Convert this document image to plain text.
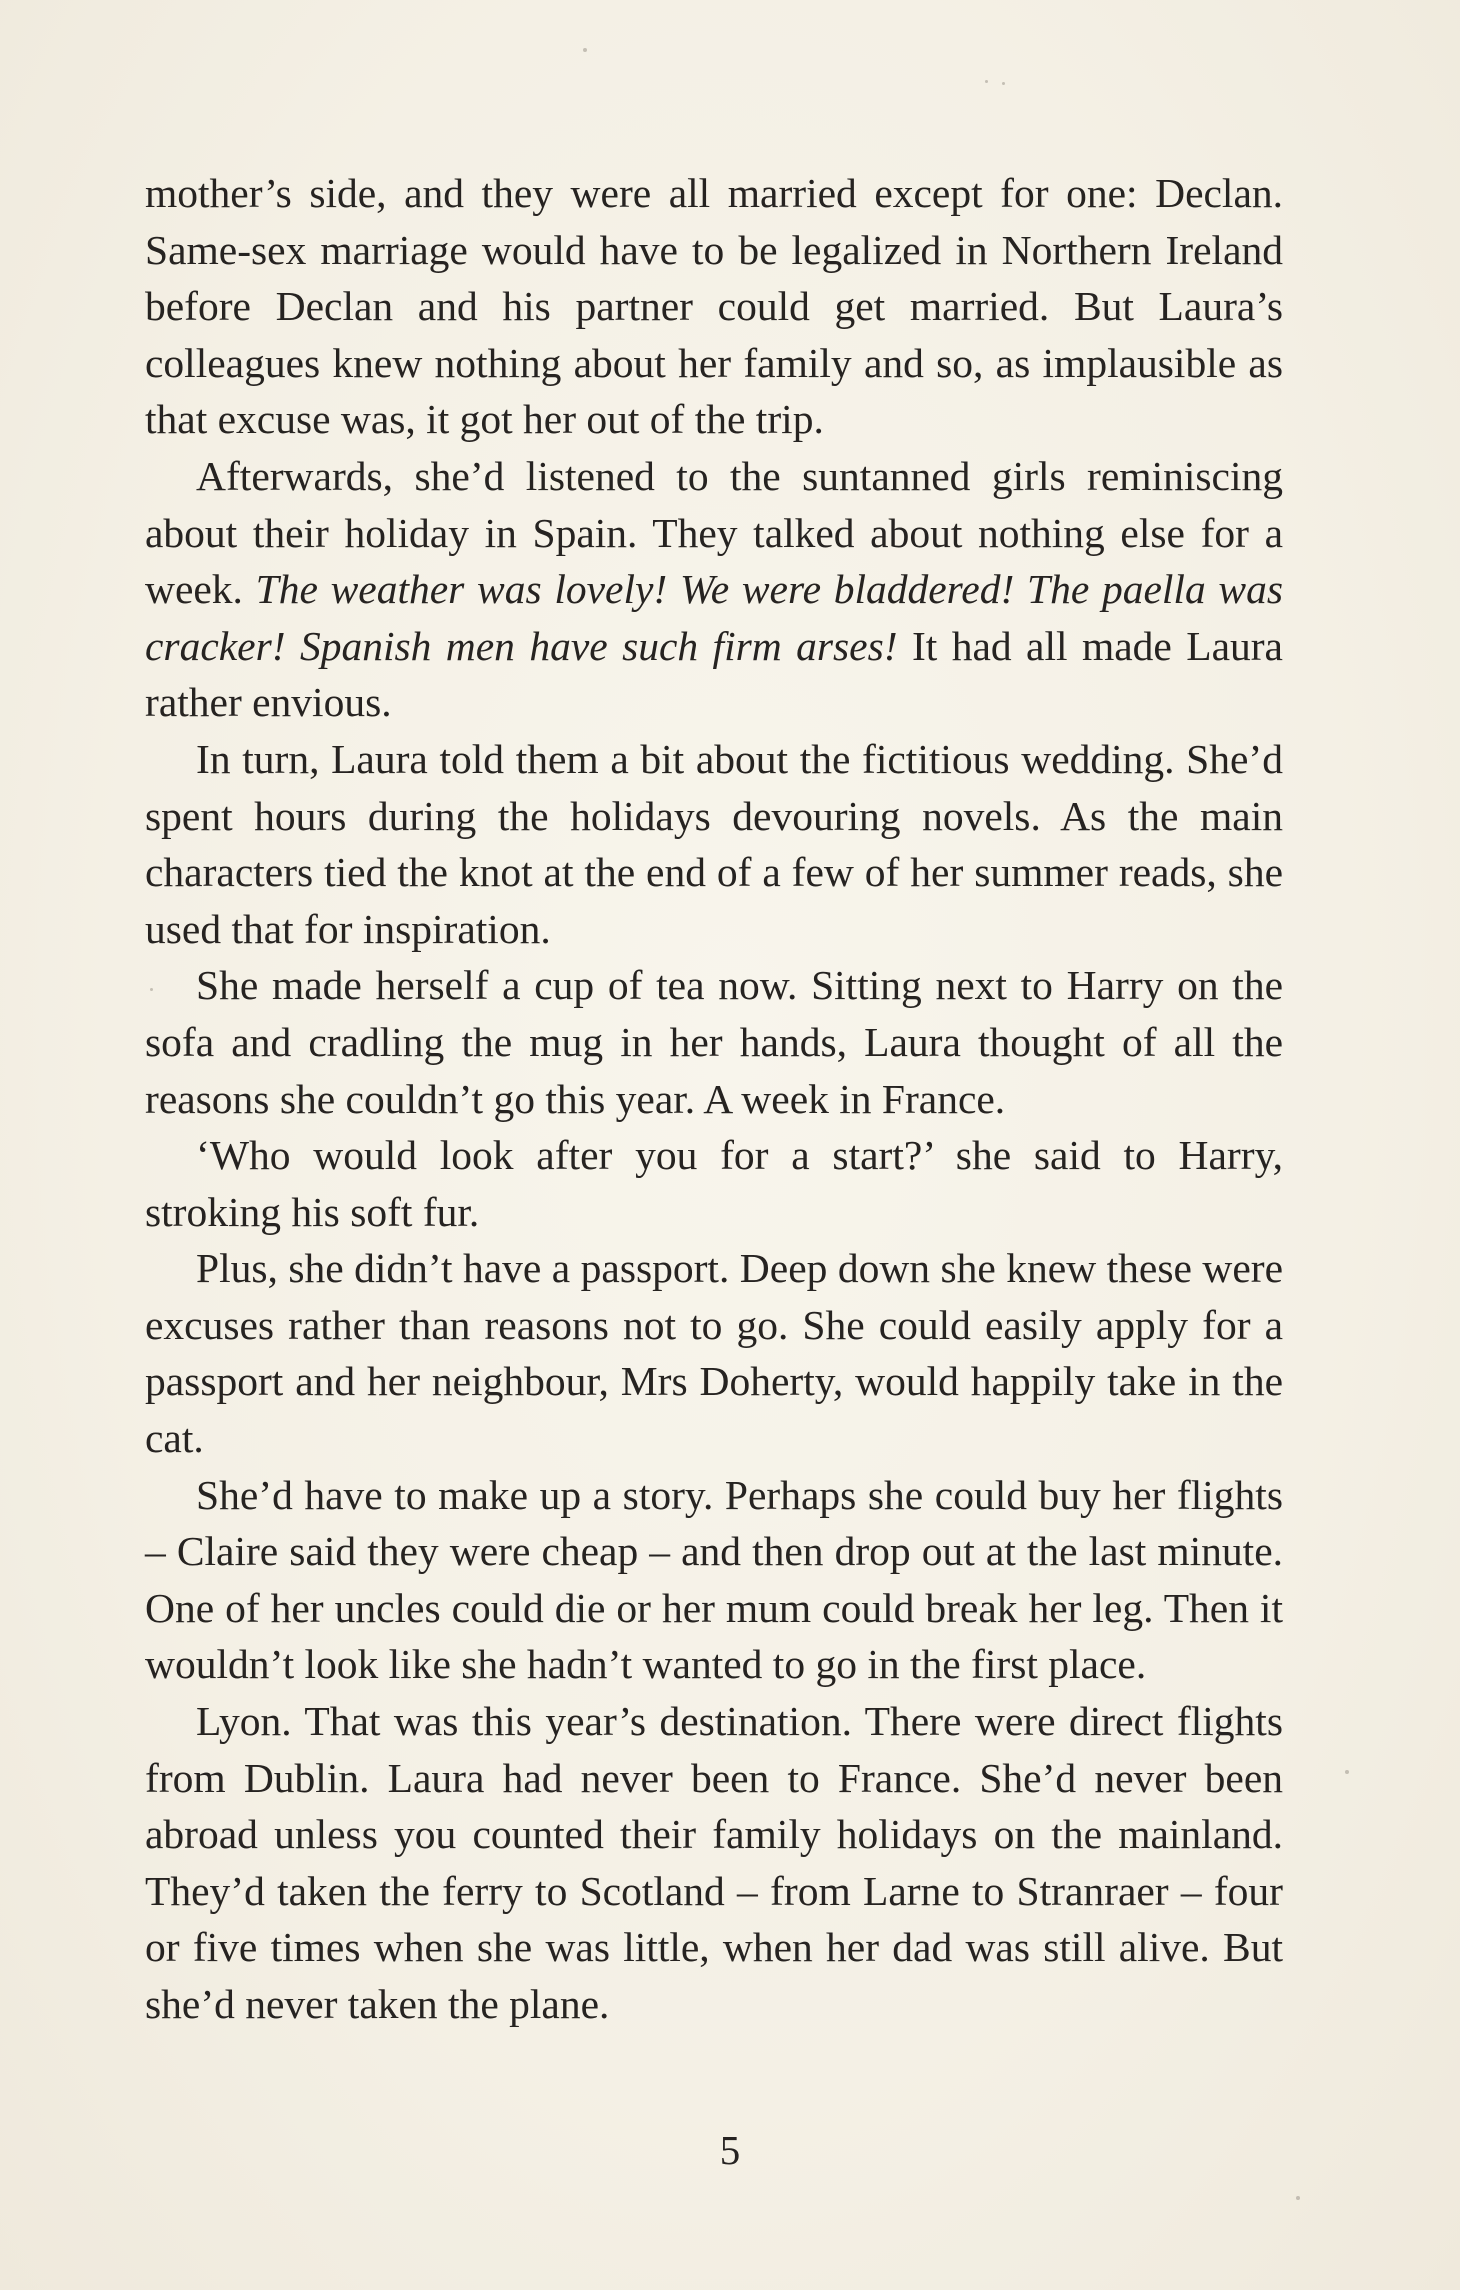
mother’s side, and they were all married except for one: Declan. Same-sex marriage would have to be legalized in Northern Ireland before Declan and his partner could get married. But Laura’s colleagues knew nothing about her family and so, as implausible as that excuse was, it got her out of the trip.

Afterwards, she’d listened to the suntanned girls reminiscing about their holiday in Spain. They talked about nothing else for a week. The weather was lovely! We were bladdered! The paella was cracker! Spanish men have such firm arses! It had all made Laura rather envious.

In turn, Laura told them a bit about the fictitious wedding. She’d spent hours during the holidays devouring novels. As the main characters tied the knot at the end of a few of her summer reads, she used that for inspiration.

She made herself a cup of tea now. Sitting next to Harry on the sofa and cradling the mug in her hands, Laura thought of all the reasons she couldn’t go this year. A week in France.

‘Who would look after you for a start?’ she said to Harry, stroking his soft fur.

Plus, she didn’t have a passport. Deep down she knew these were excuses rather than reasons not to go. She could easily apply for a passport and her neighbour, Mrs Doherty, would happily take in the cat.

She’d have to make up a story. Perhaps she could buy her flights – Claire said they were cheap – and then drop out at the last minute. One of her uncles could die or her mum could break her leg. Then it wouldn’t look like she hadn’t wanted to go in the first place.

Lyon. That was this year’s destination. There were direct flights from Dublin. Laura had never been to France. She’d never been abroad unless you counted their family holidays on the mainland. They’d taken the ferry to Scotland – from Larne to Stranraer – four or five times when she was little, when her dad was still alive. But she’d never taken the plane.

5
